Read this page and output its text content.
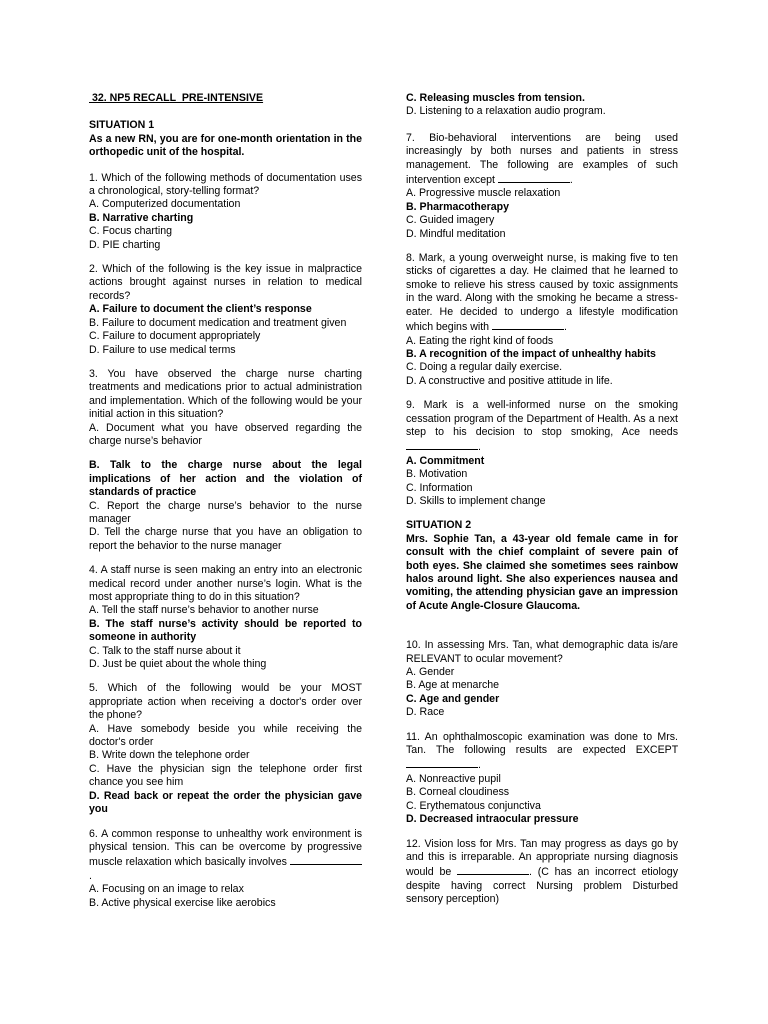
32. NP5 RECALL  PRE-INTENSIVE
SITUATION 1
As a new RN, you are for one-month orientation in the orthopedic unit of the hospital.
1. Which of the following methods of documentation uses a chronological, story-telling format?
A. Computerized documentation
B. Narrative charting
C. Focus charting
D. PIE charting
2. Which of the following is the key issue in malpractice actions brought against nurses in relation to medical records?
A. Failure to document the client’s response
B. Failure to document medication and treatment given
C. Failure to document appropriately
D. Failure to use medical terms
3. You have observed the charge nurse charting treatments and medications prior to actual administration and implementation. Which of the following would be your initial action in this situation?
A. Document what you have observed regarding the charge nurse’s behavior
B. Talk to the charge nurse about the legal implications of her action and the violation of standards of practice
C. Report the charge nurse’s behavior to the nurse manager
D. Tell the charge nurse that you have an obligation to report the behavior to the nurse manager
4. A staff nurse is seen making an entry into an electronic medical record under another nurse’s login. What is the most appropriate thing to do in this situation?
A. Tell the staff nurse’s behavior to another nurse
B. The staff nurse’s activity should be reported to someone in authority
C. Talk to the staff nurse about it
D. Just be quiet about the whole thing
5. Which of the following would be your MOST appropriate action when receiving a doctor's order over the phone?
A. Have somebody beside you while receiving the doctor's order
B. Write down the telephone order
C. Have the physician sign the telephone order first chance you see him
D. Read back or repeat the order the physician gave you
6. A common response to unhealthy work environment is physical tension. This can be overcome by progressive muscle relaxation which basically involves .
A. Focusing on an image to relax
B. Active physical exercise like aerobics
C. Releasing muscles from tension.
D. Listening to a relaxation audio program.
7. Bio-behavioral interventions are being used increasingly by both nurses and patients in stress management. The following are examples of such intervention except	.
A. Progressive muscle relaxation
B. Pharmacotherapy
C. Guided imagery
D. Mindful meditation
8. Mark, a young overweight nurse, is making five to ten sticks of cigarettes a day. He claimed that he learned to smoke to relieve his stress caused by toxic assignments in the ward. Along with the smoking he became a stress-eater. He decided to undergo a lifestyle modification which begins with	.
A. Eating the right kind of foods
B. A recognition of the impact of unhealthy habits
C. Doing a regular daily exercise.
D. A constructive and positive attitude in life.
9. Mark is a well-informed nurse on the smoking cessation program of the Department of Health. As a next step to his decision to stop smoking, Ace needs .
A. Commitment
B. Motivation
C. Information
D. Skills to implement change
SITUATION 2
Mrs. Sophie Tan, a 43-year old female came in for consult with the chief complaint of severe pain of both eyes. She claimed she sometimes sees rainbow halos around light. She also experiences nausea and vomiting, the attending physician gave an impression of Acute Angle-Closure Glaucoma.
10. In assessing Mrs. Tan, what demographic data is/are RELEVANT to ocular movement?
A. Gender
B. Age at menarche
C. Age and gender
D. Race
11. An ophthalmoscopic examination was done to Mrs. Tan. The following results are expected EXCEPT .
A. Nonreactive pupil
B. Corneal cloudiness
C. Erythematous conjunctiva
D. Decreased intraocular pressure
12. Vision loss for Mrs. Tan may progress as days go by and this is irreparable. An appropriate nursing diagnosis would be	. (C has an incorrect etiology despite having correct Nursing problem Disturbed sensory perception)
